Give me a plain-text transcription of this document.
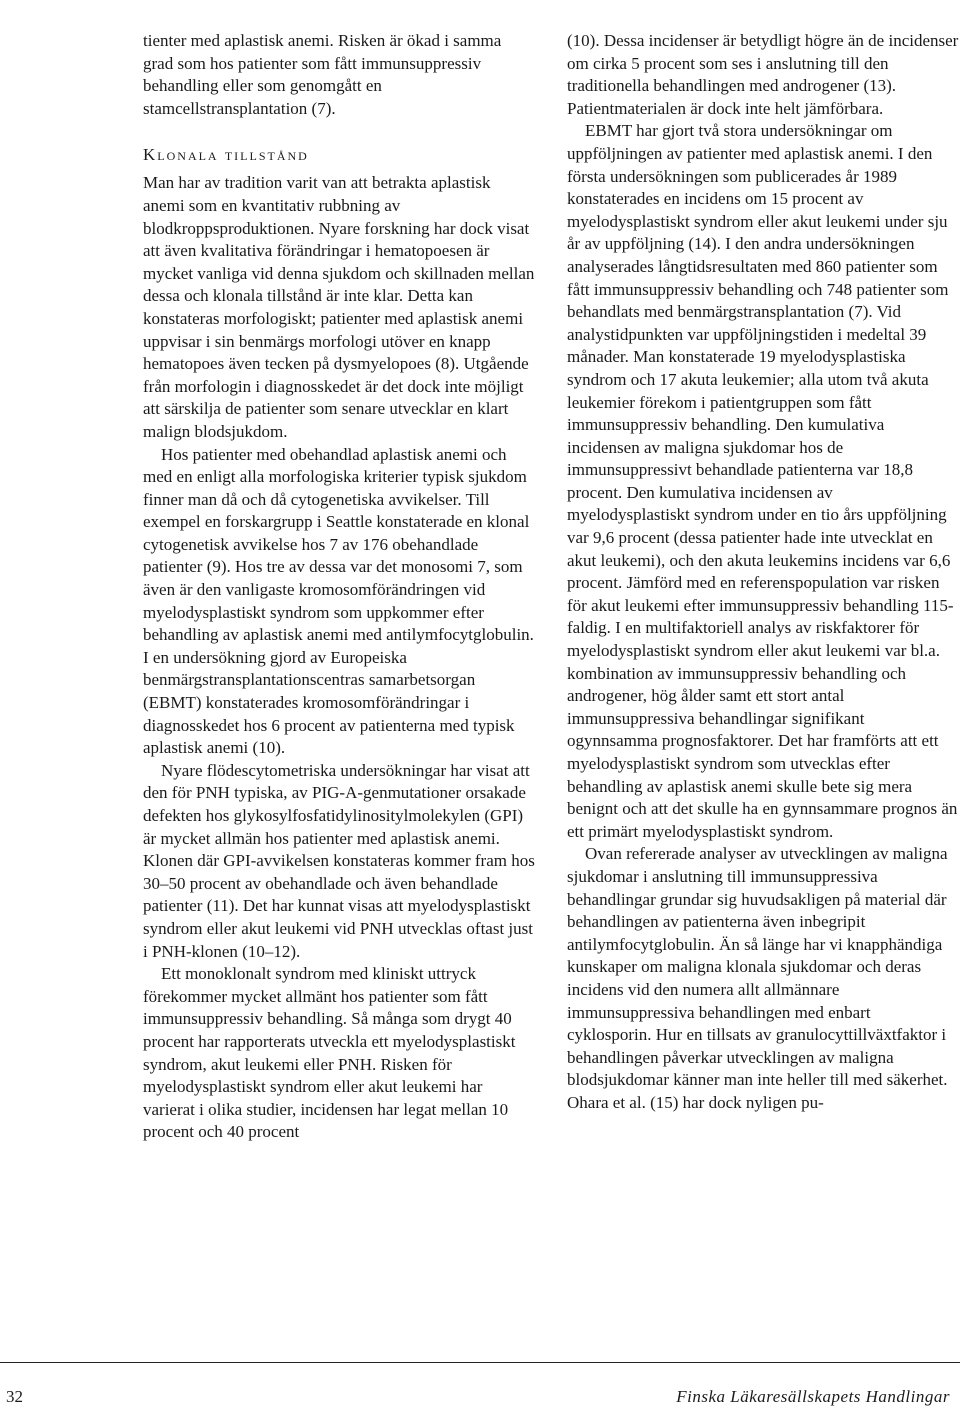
tienter med aplastisk anemi. Risken är ökad i samma grad som hos patienter som fått immunsuppressiv behandling eller som genomgått en stamcellstransplantation (7).

Klonala tillstånd

Man har av tradition varit van att betrakta aplastisk anemi som en kvantitativ rubbning av blodkroppsproduktionen. Nyare forskning har dock visat att även kvalitativa förändringar i hematopoesen är mycket vanliga vid denna sjukdom och skillnaden mellan dessa och klonala tillstånd är inte klar. Detta kan konstateras morfologiskt; patienter med aplastisk anemi uppvisar i sin benmärgs morfologi utöver en knapp hematopoes även tecken på dysmyelopoes (8). Utgående från morfologin i diagnosskedet är det dock inte möjligt att särskilja de patienter som senare utvecklar en klart malign blodsjukdom.

Hos patienter med obehandlad aplastisk anemi och med en enligt alla morfologiska kriterier typisk sjukdom finner man då och då cytogenetiska avvikelser. Till exempel en forskargrupp i Seattle konstaterade en klonal cytogenetisk avvikelse hos 7 av 176 obehandlade patienter (9). Hos tre av dessa var det monosomi 7, som även är den vanligaste kromosomförändringen vid myelodysplastiskt syndrom som uppkommer efter behandling av aplastisk anemi med antilymfocytglobulin. I en undersökning gjord av Europeiska benmärgstransplantationscentras samarbetsorgan (EBMT) konstaterades kromosomförändringar i diagnosskedet hos 6 procent av patienterna med typisk aplastisk anemi (10).

Nyare flödescytometriska undersökningar har visat att den för PNH typiska, av PIG-A-genmutationer orsakade defekten hos glykosylfosfatidylinositylmolekylen (GPI) är mycket allmän hos patienter med aplastisk anemi. Klonen där GPI-avvikelsen konstateras kommer fram hos 30–50 procent av obehandlade och även behandlade patienter (11). Det har kunnat visas att myelodysplastiskt syndrom eller akut leukemi vid PNH utvecklas oftast just i PNH-klonen (10–12).

Ett monoklonalt syndrom med kliniskt uttryck förekommer mycket allmänt hos patienter som fått immunsuppressiv behandling. Så många som drygt 40 procent har rapporterats utveckla ett myelodysplastiskt syndrom, akut leukemi eller PNH. Risken för myelodysplastiskt syndrom eller akut leukemi har varierat i olika studier, incidensen har legat mellan 10 procent och 40 procent

(10). Dessa incidenser är betydligt högre än de incidenser om cirka 5 procent som ses i anslutning till den traditionella behandlingen med androgener (13). Patientmaterialen är dock inte helt jämförbara.

EBMT har gjort två stora undersökningar om uppföljningen av patienter med aplastisk anemi. I den första undersökningen som publicerades år 1989 konstaterades en incidens om 15 procent av myelodysplastiskt syndrom eller akut leukemi under sju år av uppföljning (14). I den andra undersökningen analyserades långtidsresultaten med 860 patienter som fått immunsuppressiv behandling och 748 patienter som behandlats med benmärgstransplantation (7). Vid analystidpunkten var uppföljningstiden i medeltal 39 månader. Man konstaterade 19 myelodysplastiska syndrom och 17 akuta leukemier; alla utom två akuta leukemier förekom i patientgruppen som fått immunsuppressiv behandling. Den kumulativa incidensen av maligna sjukdomar hos de immunsuppressivt behandlade patienterna var 18,8 procent. Den kumulativa incidensen av myelodysplastiskt syndrom under en tio års uppföljning var 9,6 procent (dessa patienter hade inte utvecklat en akut leukemi), och den akuta leukemins incidens var 6,6 procent. Jämförd med en referenspopulation var risken för akut leukemi efter immunsuppressiv behandling 115-faldig. I en multifaktoriell analys av riskfaktorer för myelodysplastiskt syndrom eller akut leukemi var bl.a. kombination av immunsuppressiv behandling och androgener, hög ålder samt ett stort antal immunsuppressiva behandlingar signifikant ogynnsamma prognosfaktorer. Det har framförts att ett myelodysplastiskt syndrom som utvecklas efter behandling av aplastisk anemi skulle bete sig mera benignt och att det skulle ha en gynnsammare prognos än ett primärt myelodysplastiskt syndrom.

Ovan refererade analyser av utvecklingen av maligna sjukdomar i anslutning till immunsuppressiva behandlingar grundar sig huvudsakligen på material där behandlingen av patienterna även inbegripit antilymfocytglobulin. Än så länge har vi knapphändiga kunskaper om maligna klonala sjukdomar och deras incidens vid den numera allt allmännare immunsuppressiva behandlingen med enbart cyklosporin. Hur en tillsats av granulocyttillväxtfaktor i behandlingen påverkar utvecklingen av maligna blodsjukdomar känner man inte heller till med säkerhet. Ohara et al. (15) har dock nyligen pu-

32	Finska Läkaresällskapets Handlingar
